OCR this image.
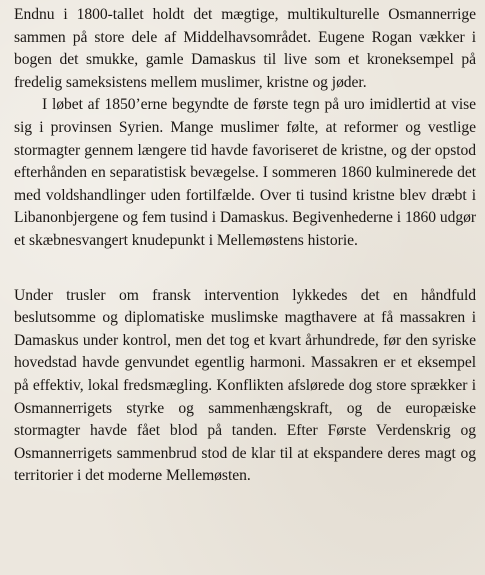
Endnu i 1800-tallet holdt det mægtige, multikulturelle Osmannerrige sammen på store dele af Middelhavsområdet. Eugene Rogan vækker i bogen det smukke, gamle Damaskus til live som et kroneksempel på fredelig sameksistens mellem muslimer, kristne og jøder.

I løbet af 1850’erne begyndte de første tegn på uro imidlertid at vise sig i provinsen Syrien. Mange muslimer følte, at reformer og vestlige stormagter gennem længere tid havde favoriseret de kristne, og der opstod efterhånden en separatistisk bevægelse. I sommeren 1860 kulminerede det med voldshandlinger uden fortilfælde. Over ti tusind kristne blev dræbt i Libanonbjergene og fem tusind i Damaskus. Begivenhederne i 1860 udgør et skæbnesvangert knudepunkt i Mellemøstens historie.

Under trusler om fransk intervention lykkedes det en håndfuld beslutsomme og diplomatiske muslimske magthavere at få massakren i Damaskus under kontrol, men det tog et kvart århundrede, før den syriske hovedstad havde genvundet egentlig harmoni. Massakren er et eksempel på effektiv, lokal fredsmægling. Konflikten afslørede dog store sprækker i Osmannerrigets styrke og sammenhængskraft, og de europæiske stormagter havde fået blod på tanden. Efter Første Verdenskrig og Osmannerrigets sammenbrud stod de klar til at ekspandere deres magt og territorier i det moderne Mellemøsten.
